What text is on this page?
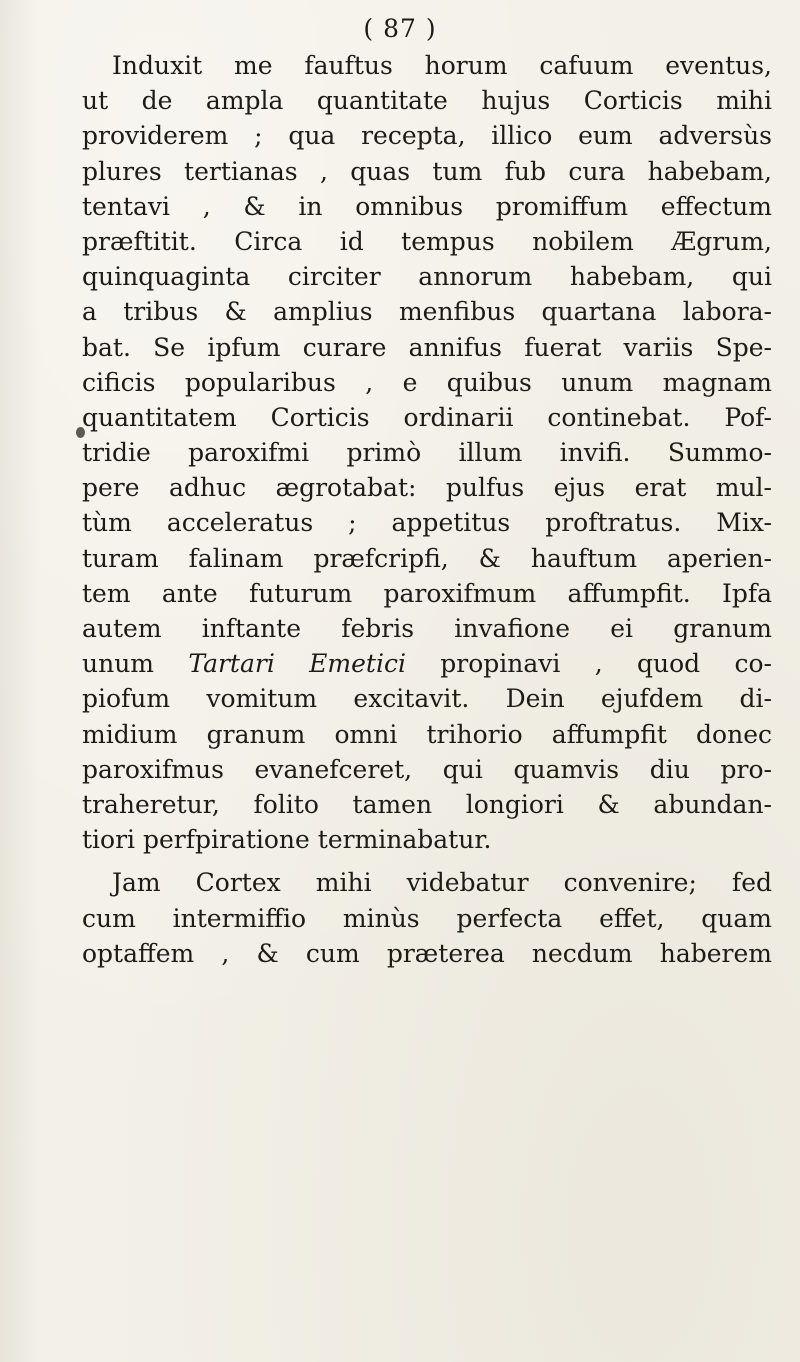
( 87 )
Induxit me fauftus horum cafuum eventus,
ut de ampla quantitate hujus Corticis mihi
providerem ; qua recepta, illico eum adversùs
plures tertianas , quas tum fub cura habebam,
tentavi , & in omnibus promiffum effectum
præftitit. Circa id tempus nobilem Ægrum,
quinquaginta circiter annorum habebam, qui
a tribus & amplius menfibus quartana labora-
bat. Se ipfum curare annifus fuerat variis Spe-
cificis popularibus , e quibus unum magnam
quantitatem Corticis ordinarii continebat. Pof-
tridie paroxifmi primò illum invifi. Summo-
pere adhuc ægrotabat: pulfus ejus erat mul-
tùm acceleratus ; appetitus proftratus. Mix-
turam falinam præfcripfi, & hauftum aperien-
tem ante futurum paroxifmum affumpfit. Ipfa
autem inftante febris invafione ei granum
unum Tartari Emetici propinavi , quod co-
piofum vomitum excitavit. Dein ejufdem di-
midium granum omni trihorio affumpfit donec
paroxifmus evanefceret, qui quamvis diu pro-
traheretur, folito tamen longiori & abundan-
tiori perfpiratione terminabatur.
Jam Cortex mihi videbatur convenire; fed
cum intermiffio minùs perfecta effet, quam
optaffem , & cum præterea necdum haberem
